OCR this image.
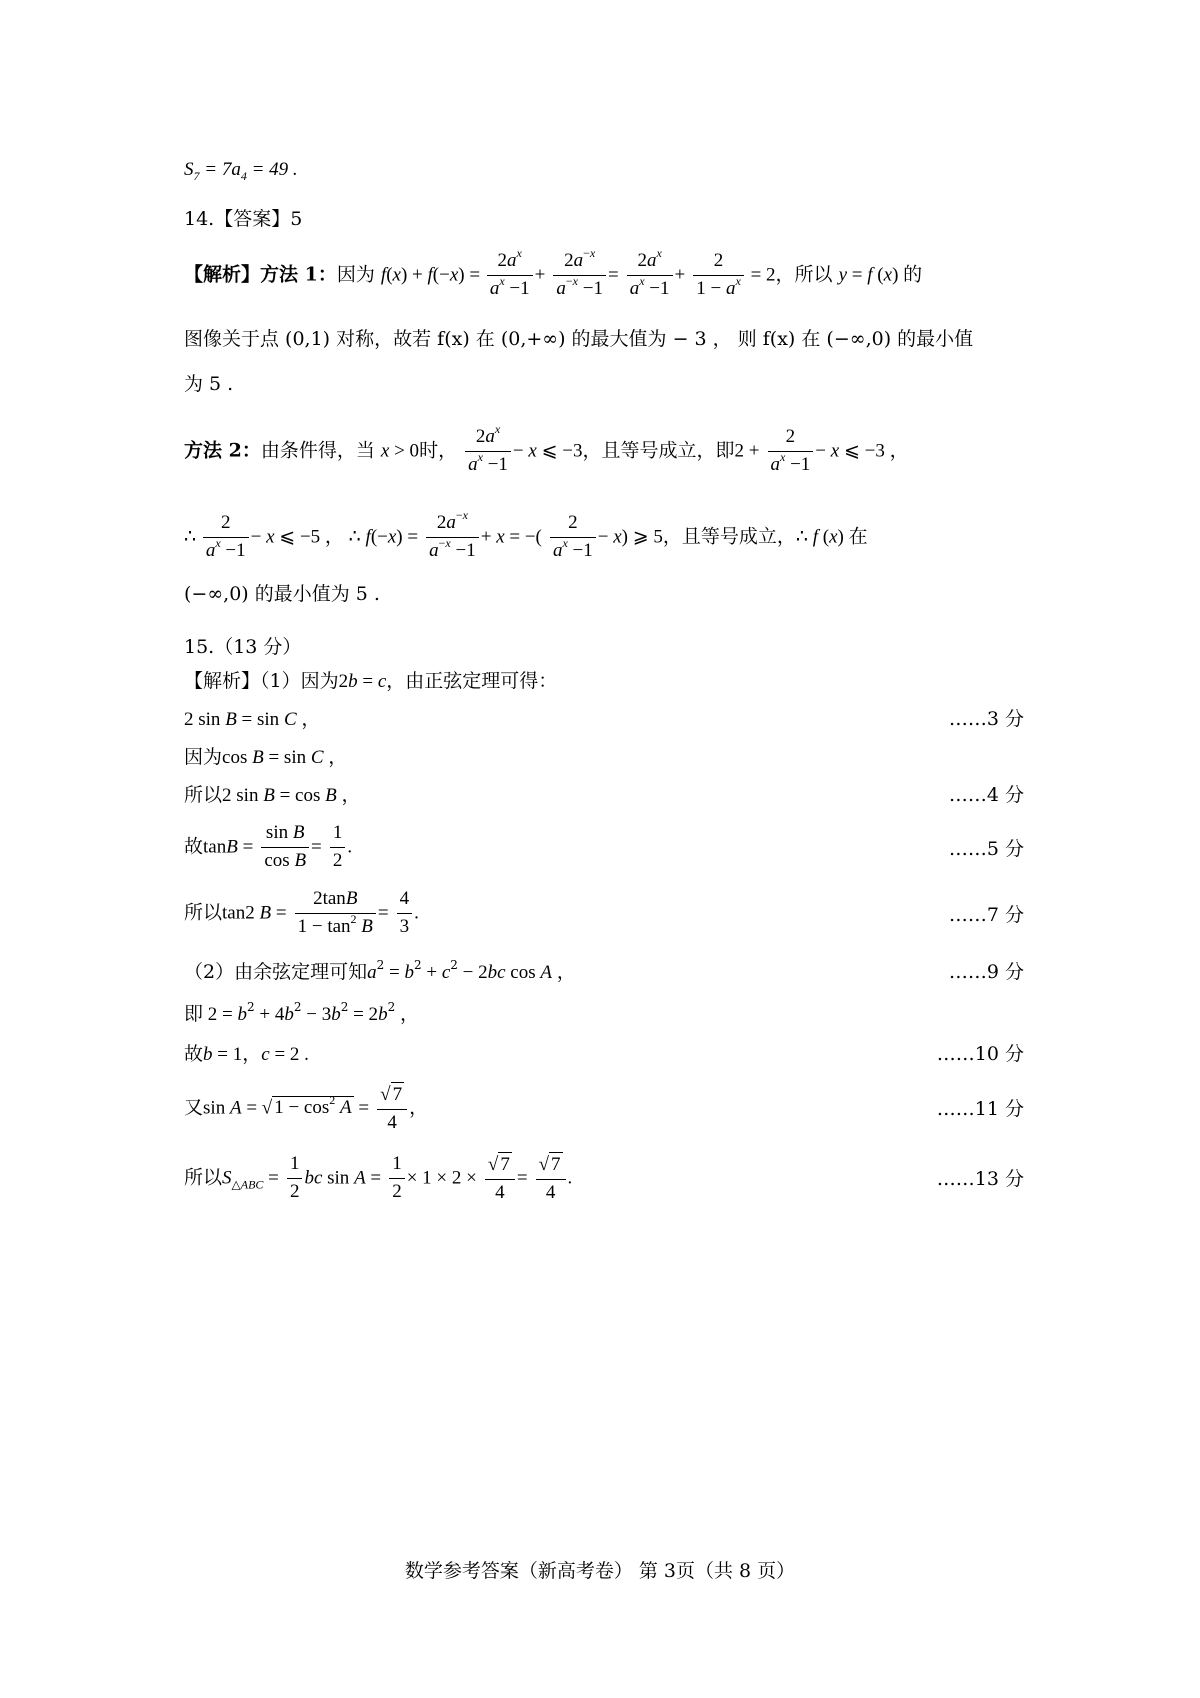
$S_7 = 7a_4 = 49$ .
14.【答案】5
【解析】方法 1：因为 $f(x) + f(-x) = \frac{2a^x}{a^x -1} + \frac{2a^{-x}}{a^{-x} -1} = \frac{2a^x}{a^x -1} + \frac{2}{1 - a^x} = 2$，所以 y = f (x) 的
图像关于点 (0,1) 对称，故若 f(x) 在 (0,+∞) 的最大值为 − 3 ， 则 f(x) 在 (−∞,0) 的最小值
为 5 .
方法 2：由条件得，当 x > 0时， $\frac{2a^x}{a^x -1} - x$ ⩽ −3，且等号成立，即$2 + \frac{2}{a^x -1} - x$ ⩽ −3 ，
∴ $\frac{2}{a^x -1} - x$ ⩽ −5 ， ∴ $f(-x) = \frac{2a^{-x}}{a^{-x} -1} + x$ = −( $\frac{2}{a^x -1} - x$) ⩾ 5，且等号成立，∴ f (x) 在
(−∞,0) 的最小值为 5 .
15.（13 分）
【解析】（1）因为2b = c，由正弦定理可得：
2 sin B = sin C ，	……3 分
因为cos B = sin C ，
所以2 sin B = cos B ，	……4 分
故$\tan B = \frac{\text{sin B}}{\text{cos B}} = \frac{1}{2}$ .	……5 分
所以tan2 $B = \frac{2\tan B}{1 - \tan^2 B} = \frac{4}{3}$ .	……7 分
（2）由余弦定理可知$a^2 = b^2 + c^2 - 2bc$ cos A ，	……9 分
即 $2 = b^2 + 4b^2 - 3b^2 = 2b^2$ ，
故b = 1，c = 2 .	……10 分
又sin A = √ $1 - \cos^2 A = \frac{√ 7}{4}$ ，	……11 分
所以$S_{\triangle ABC} = \frac{1}{2}$ bc $\sin A = \frac{1}{2} \times 1 \times 2 \times \frac{√ 7}{4} = \frac{√ 7}{4}$ .	……13 分
数学参考答案（新高考卷） 第 3页（共 8 页）
